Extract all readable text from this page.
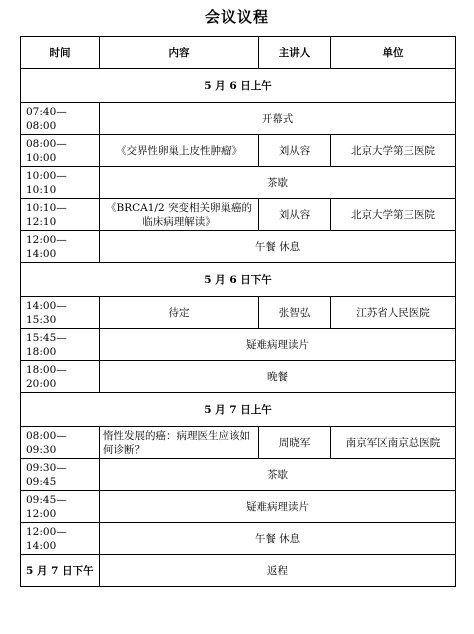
会议议程
时间	内容	主讲人	单位
5 月 6 日上午			
07:40—08:00	开幕式		
08:00—10:00	《交界性卵巢上皮性肿瘤》	刘从容	北京大学第三医院
10:00—10:10	茶歇		
10:10—12:10	《BRCA1/2 突变相关卵巢癌的临床病理解读》	刘从容	北京大学第三医院
12:00—14:00	午餐 休息		
5 月 6 日下午			
14:00—15:30	待定	张智弘	江苏省人民医院
15:45—18:00	疑难病理读片		
18:00—20:00	晚餐		
5 月 7 日上午			
08:00—09:30	惰性发展的癌：病理医生应该如何诊断？	周晓军	南京军区南京总医院
09:30—09:45	茶歇		
09:45—12:00	疑难病理读片		
12:00—14:00	午餐 休息		
5 月 7 日下午	返程		
